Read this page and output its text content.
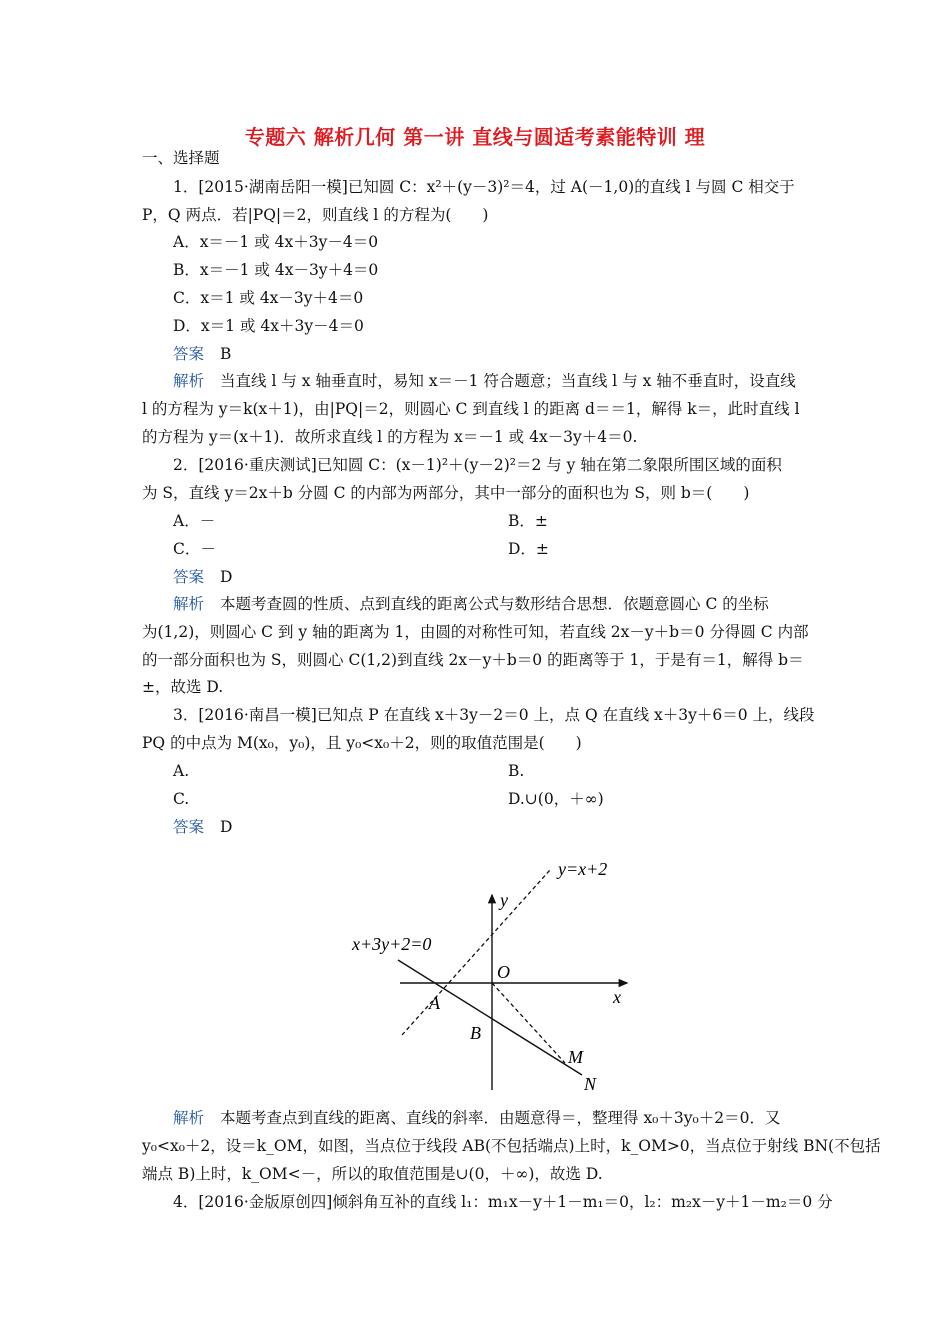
专题六 解析几何 第一讲 直线与圆适考素能特训 理
一、选择题
1．[2015·湖南岳阳一模]已知圆 C：x²＋(y－3)²＝4，过 A(－1,0)的直线 l 与圆 C 相交于
P，Q 两点．若|PQ|＝2，则直线 l 的方程为(　　)
A．x＝－1 或 4x＋3y－4＝0
B．x＝－1 或 4x－3y＋4＝0
C．x＝1 或 4x－3y＋4＝0
D．x＝1 或 4x＋3y－4＝0
答案 B
解析 当直线 l 与 x 轴垂直时，易知 x＝－1 符合题意；当直线 l 与 x 轴不垂直时，设直线
l 的方程为 y＝k(x＋1)，由|PQ|＝2，则圆心 C 到直线 l 的距离 d＝＝1，解得 k＝，此时直线 l
的方程为 y＝(x＋1)．故所求直线 l 的方程为 x＝－1 或 4x－3y＋4＝0.
2．[2016·重庆测试]已知圆 C：(x－1)²＋(y－2)²＝2 与 y 轴在第二象限所围区域的面积
为 S，直线 y＝2x＋b 分圆 C 的内部为两部分，其中一部分的面积也为 S，则 b＝(　　)
A．－	B．±
C．－	D．±
答案 D
解析 本题考查圆的性质、点到直线的距离公式与数形结合思想．依题意圆心 C 的坐标
为(1,2)，则圆心 C 到 y 轴的距离为 1，由圆的对称性可知，若直线 2x－y＋b＝0 分得圆 C 内部
的一部分面积也为 S，则圆心 C(1,2)到直线 2x－y＋b＝0 的距离等于 1，于是有＝1，解得 b＝
±，故选 D.
3．[2016·南昌一模]已知点 P 在直线 x＋3y－2＝0 上，点 Q 在直线 x＋3y＋6＝0 上，线段
PQ 的中点为 M(x₀，y₀)，且 y₀<x₀＋2，则的取值范围是(　　)
A.	B.
C.	D.∪(0，＋∞)
答案 D
y=x+2
x+3y+2=0
y
x
O
A
B
M
N
解析 本题考查点到直线的距离、直线的斜率．由题意得＝，整理得 x₀＋3y₀＋2＝0．又
y₀<x₀＋2，设＝k_OM，如图，当点位于线段 AB(不包括端点)上时，k_OM>0，当点位于射线 BN(不包括
端点 B)上时，k_OM<－，所以的取值范围是∪(0，＋∞)，故选 D.
4．[2016·金版原创四]倾斜角互补的直线 l₁：m₁x－y＋1－m₁＝0，l₂：m₂x－y＋1－m₂＝0 分
